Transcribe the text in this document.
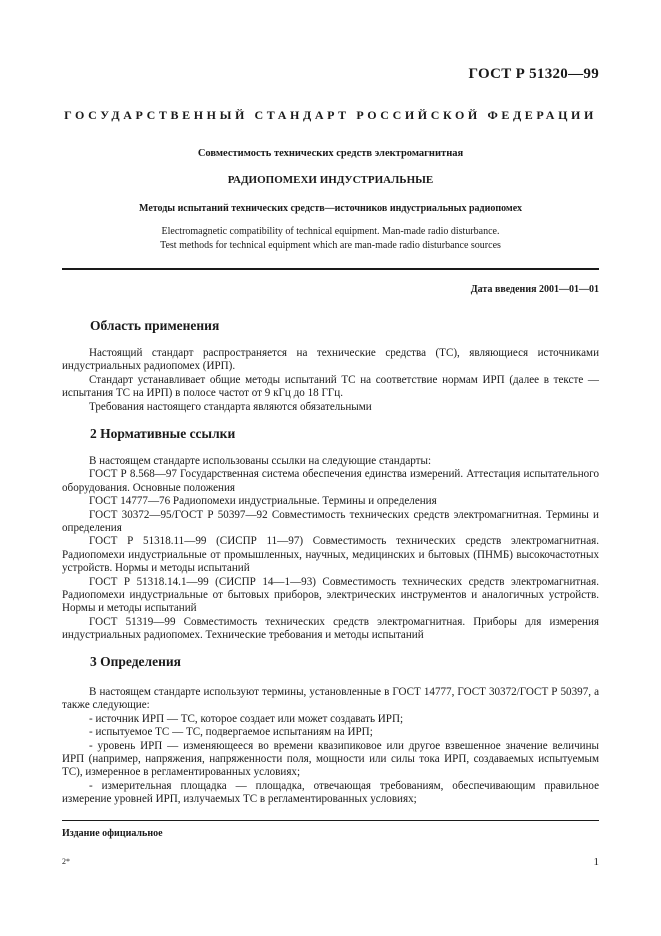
ГОСТ Р 51320—99
ГОСУДАРСТВЕННЫЙ СТАНДАРТ РОССИЙСКОЙ ФЕДЕРАЦИИ
Совместимость технических средств электромагнитная
РАДИОПОМЕХИ ИНДУСТРИАЛЬНЫЕ
Методы испытаний технических средств—источников индустриальных радиопомех
Electromagnetic compatibility of technical equipment. Man-made radio disturbance.
Test methods for technical equipment which are man-made radio disturbance sources
Дата введения 2001—01—01
Область применения

Настоящий стандарт распространяется на технические средства (ТС), являющиеся источниками индустриальных радиопомех (ИРП).

Стандарт устанавливает общие методы испытаний ТС на соответствие нормам ИРП (далее в тексте — испытания ТС на ИРП) в полосе частот от 9 кГц до 18 ГГц.

Требования настоящего стандарта являются обязательными

2 Нормативные ссылки

В настоящем стандарте использованы ссылки на следующие стандарты:

ГОСТ Р 8.568—97 Государственная система обеспечения единства измерений. Аттестация испытательного оборудования. Основные положения

ГОСТ 14777—76 Радиопомехи индустриальные. Термины и определения

ГОСТ 30372—95/ГОСТ Р 50397—92 Совместимость технических средств электромагнитная. Термины и определения

ГОСТ Р 51318.11—99 (СИСПР 11—97) Совместимость технических средств электромагнитная. Радиопомехи индустриальные от промышленных, научных, медицинских и бытовых (ПНМБ) высокочастотных устройств. Нормы и методы испытаний

ГОСТ Р 51318.14.1—99 (СИСПР 14—1—93) Совместимость технических средств электромагнитная. Радиопомехи индустриальные от бытовых приборов, электрических инструментов и аналогичных устройств. Нормы и методы испытаний

ГОСТ 51319—99 Совместимость технических средств электромагнитная. Приборы для измерения индустриальных радиопомех. Технические требования и методы испытаний

3 Определения

В настоящем стандарте используют термины, установленные в ГОСТ 14777, ГОСТ 30372/ГОСТ Р 50397, а также следующие:

- источник ИРП — ТС, которое создает или может создавать ИРП;

- испытуемое ТС — ТС, подвергаемое испытаниям на ИРП;

- уровень ИРП — изменяющееся во времени квазипиковое или другое взвешенное значение величины ИРП (например, напряжения, напряженности поля, мощности или силы тока ИРП, создаваемых испытуемым ТС), измеренное в регламентированных условиях;

- измерительная площадка — площадка, отвечающая требованиям, обеспечивающим правильное измерение уровней ИРП, излучаемых ТС в регламентированных условиях;

Издание официальное
2*	1
